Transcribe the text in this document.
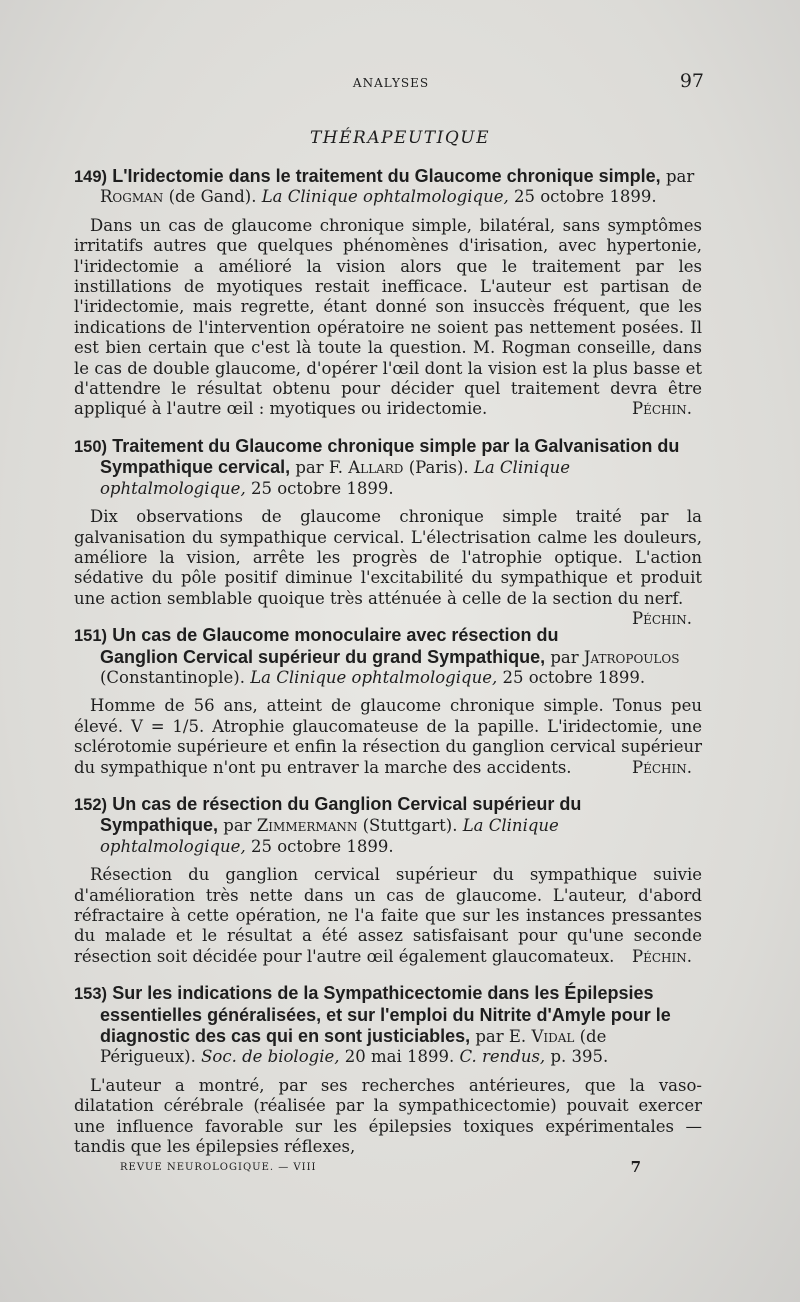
ANALYSES	97
THÉRAPEUTIQUE

149) L'Iridectomie dans le traitement du Glaucome chronique simple, par Rogman (de Gand). La Clinique ophtalmologique, 25 octobre 1899.

Dans un cas de glaucome chronique simple, bilatéral, sans symptômes irritatifs autres que quelques phénomènes d'irisation, avec hypertonie, l'iridectomie a amélioré la vision alors que le traitement par les instillations de myotiques restait inefficace. L'auteur est partisan de l'iridectomie, mais regrette, étant donné son insuccès fréquent, que les indications de l'intervention opératoire ne soient pas nettement posées. Il est bien certain que c'est là toute la question. M. Rogman conseille, dans le cas de double glaucome, d'opérer l'œil dont la vision est la plus basse et d'attendre le résultat obtenu pour décider quel traitement devra être appliqué à l'autre œil : myotiques ou iridectomie.	Péchin.

150) Traitement du Glaucome chronique simple par la Galvanisation du Sympathique cervical, par F. Allard (Paris). La Clinique ophtalmologique, 25 octobre 1899.

Dix observations de glaucome chronique simple traité par la galvanisation du sympathique cervical. L'électrisation calme les douleurs, améliore la vision, arrête les progrès de l'atrophie optique. L'action sédative du pôle positif diminue l'excitabilité du sympathique et produit une action semblable quoique très atténuée à celle de la section du nerf.
Péchin.

151) Un cas de Glaucome monoculaire avec résection du Ganglion Cervical supérieur du grand Sympathique, par Jatropoulos (Constantinople). La Clinique ophtalmologique, 25 octobre 1899.

Homme de 56 ans, atteint de glaucome chronique simple. Tonus peu élevé. V = 1/5. Atrophie glaucomateuse de la papille. L'iridectomie, une sclérotomie supérieure et enfin la résection du ganglion cervical supérieur du sympathique n'ont pu entraver la marche des accidents.	Péchin.

152) Un cas de résection du Ganglion Cervical supérieur du Sympathique, par Zimmermann (Stuttgart). La Clinique ophtalmologique, 25 octobre 1899.

Résection du ganglion cervical supérieur du sympathique suivie d'amélioration très nette dans un cas de glaucome. L'auteur, d'abord réfractaire à cette opération, ne l'a faite que sur les instances pressantes du malade et le résultat a été assez satisfaisant pour qu'une seconde résection soit décidée pour l'autre œil également glaucomateux.	Péchin.

153) Sur les indications de la Sympathicectomie dans les Épilepsies essentielles généralisées, et sur l'emploi du Nitrite d'Amyle pour le diagnostic des cas qui en sont justiciables, par E. Vidal (de Périgueux). Soc. de biologie, 20 mai 1899. C. rendus, p. 395.

L'auteur a montré, par ses recherches antérieures, que la vaso-dilatation cérébrale (réalisée par la sympathicectomie) pouvait exercer une influence favorable sur les épilepsies toxiques expérimentales — tandis que les épilepsies réflexes,

REVUE NEUROLOGIQUE. — VIII	7
